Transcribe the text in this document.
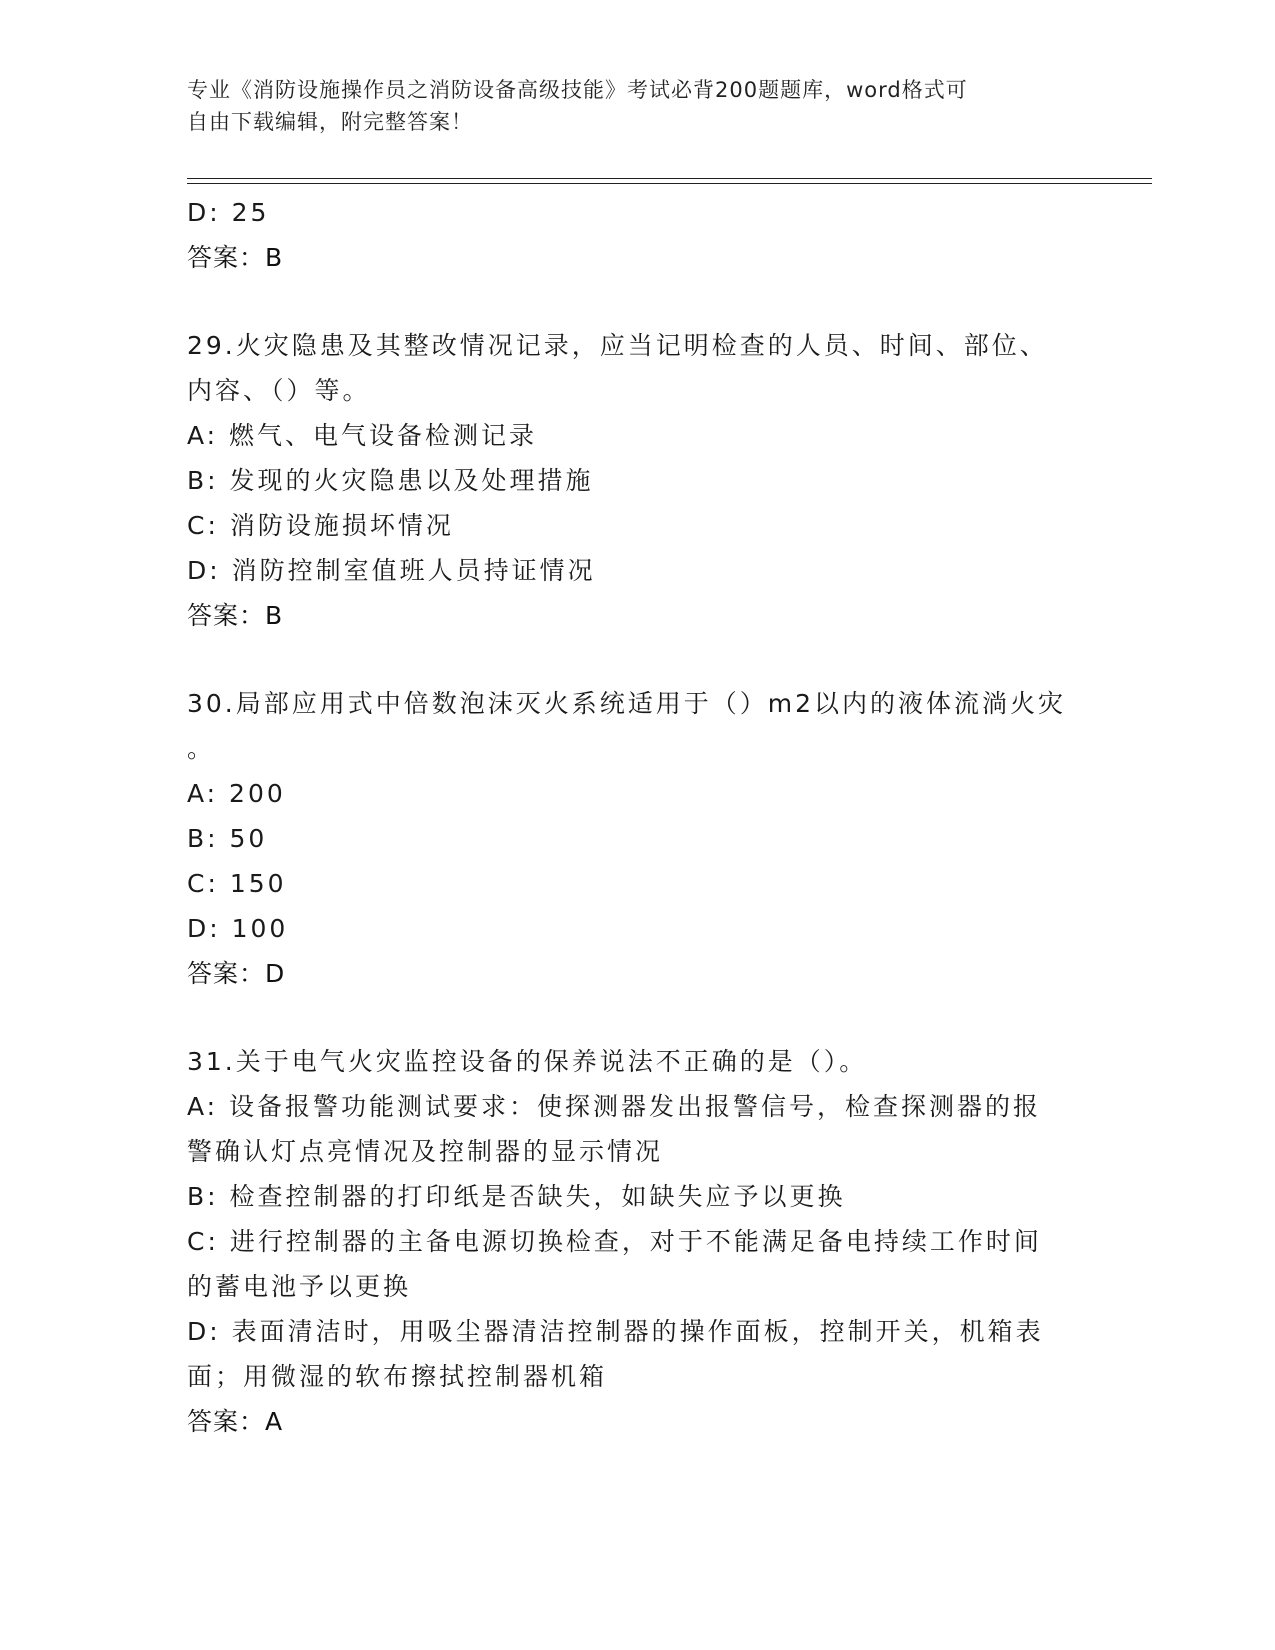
专业《消防设施操作员之消防设备高级技能》考试必背200题题库，word格式可
自由下载编辑，附完整答案！
D: 25
答案：B
29.火灾隐患及其整改情况记录，应当记明检查的人员、时间、部位、
内容、（）等。
A: 燃气、电气设备检测记录
B: 发现的火灾隐患以及处理措施
C: 消防设施损坏情况
D: 消防控制室值班人员持证情况
答案：B
30.局部应用式中倍数泡沫灭火系统适用于（）m2以内的液体流淌火灾
。
A: 200
B: 50
C: 150
D: 100
答案：D
31.关于电气火灾监控设备的保养说法不正确的是（）。
A: 设备报警功能测试要求：使探测器发出报警信号，检查探测器的报
警确认灯点亮情况及控制器的显示情况
B: 检查控制器的打印纸是否缺失，如缺失应予以更换
C: 进行控制器的主备电源切换检查，对于不能满足备电持续工作时间
的蓄电池予以更换
D: 表面清洁时，用吸尘器清洁控制器的操作面板，控制开关，机箱表
面；用微湿的软布擦拭控制器机箱
答案：A
